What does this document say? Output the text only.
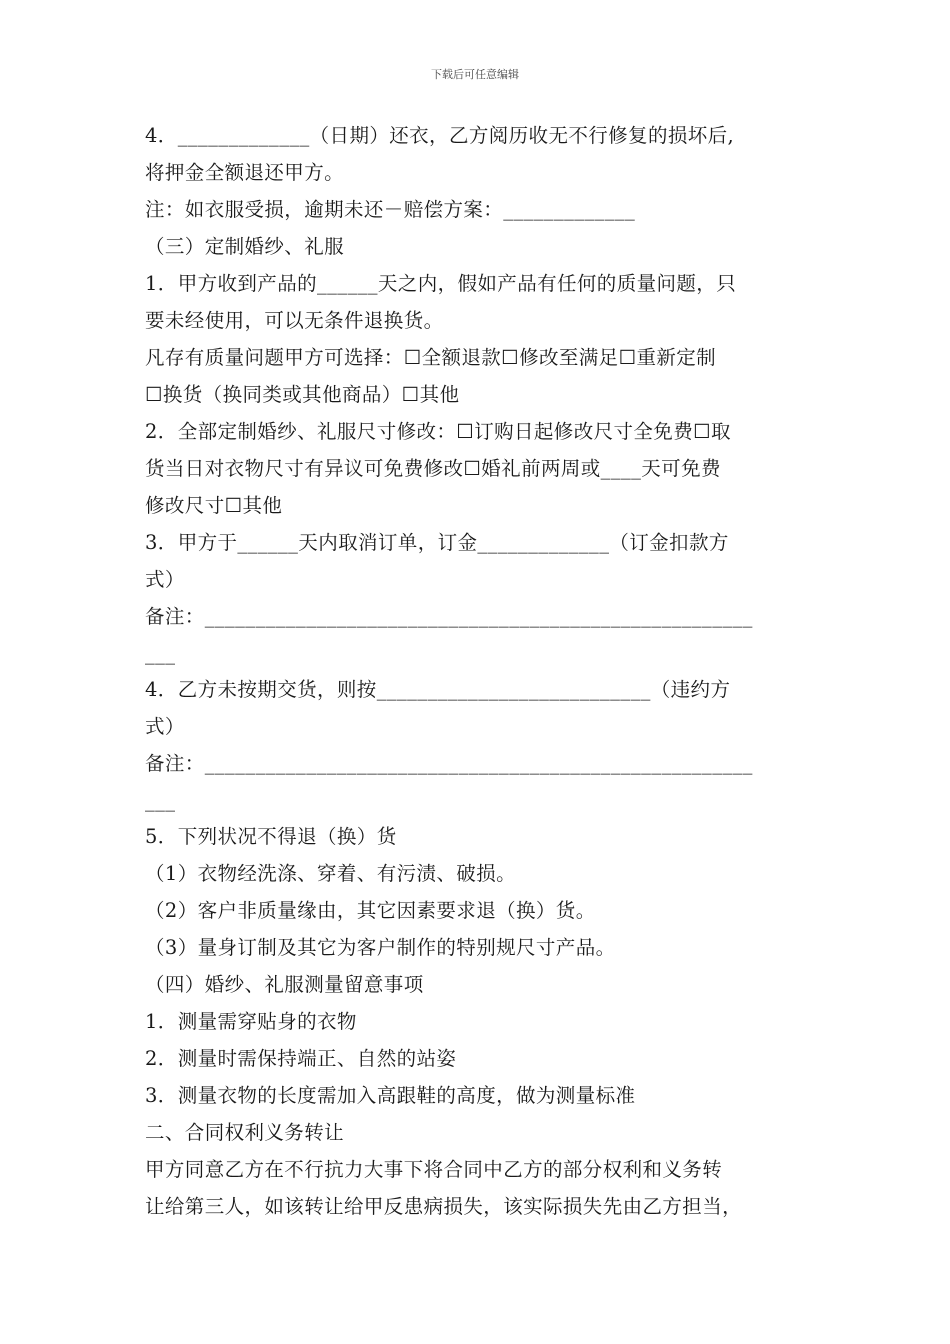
下载后可任意编辑
4．_____________（日期）还衣，乙方阅历收无不行修复的损坏后,
将押金全额退还甲方。
注：如衣服受损，逾期未还－赔偿方案：_____________
（三）定制婚纱、礼服
1．甲方收到产品的______天之内，假如产品有任何的质量问题，只
要未经使用，可以无条件退换货。
凡存有质量问题甲方可选择：☐全额退款☐修改至满足☐重新定制
☐换货（换同类或其他商品）☐其他
2．全部定制婚纱、礼服尺寸修改：☐订购日起修改尺寸全免费☐取
货当日对衣物尺寸有异议可免费修改☐婚礼前两周或____天可免费
修改尺寸☐其他
3．甲方于______天内取消订单，订金_____________（订金扣款方
式）
备注：______________________________________________________
___
4．乙方未按期交货，则按___________________________（违约方
式）
备注：______________________________________________________
___
5．下列状况不得退（换）货
（1）衣物经洗涤、穿着、有污渍、破损。
（2）客户非质量缘由，其它因素要求退（换）货。
（3）量身订制及其它为客户制作的特别规尺寸产品。
（四）婚纱、礼服测量留意事项
1．测量需穿贴身的衣物
2．测量时需保持端正、自然的站姿
3．测量衣物的长度需加入高跟鞋的高度，做为测量标准
二、合同权利义务转让
甲方同意乙方在不行抗力大事下将合同中乙方的部分权利和义务转
让给第三人，如该转让给甲反患病损失，该实际损失先由乙方担当，
